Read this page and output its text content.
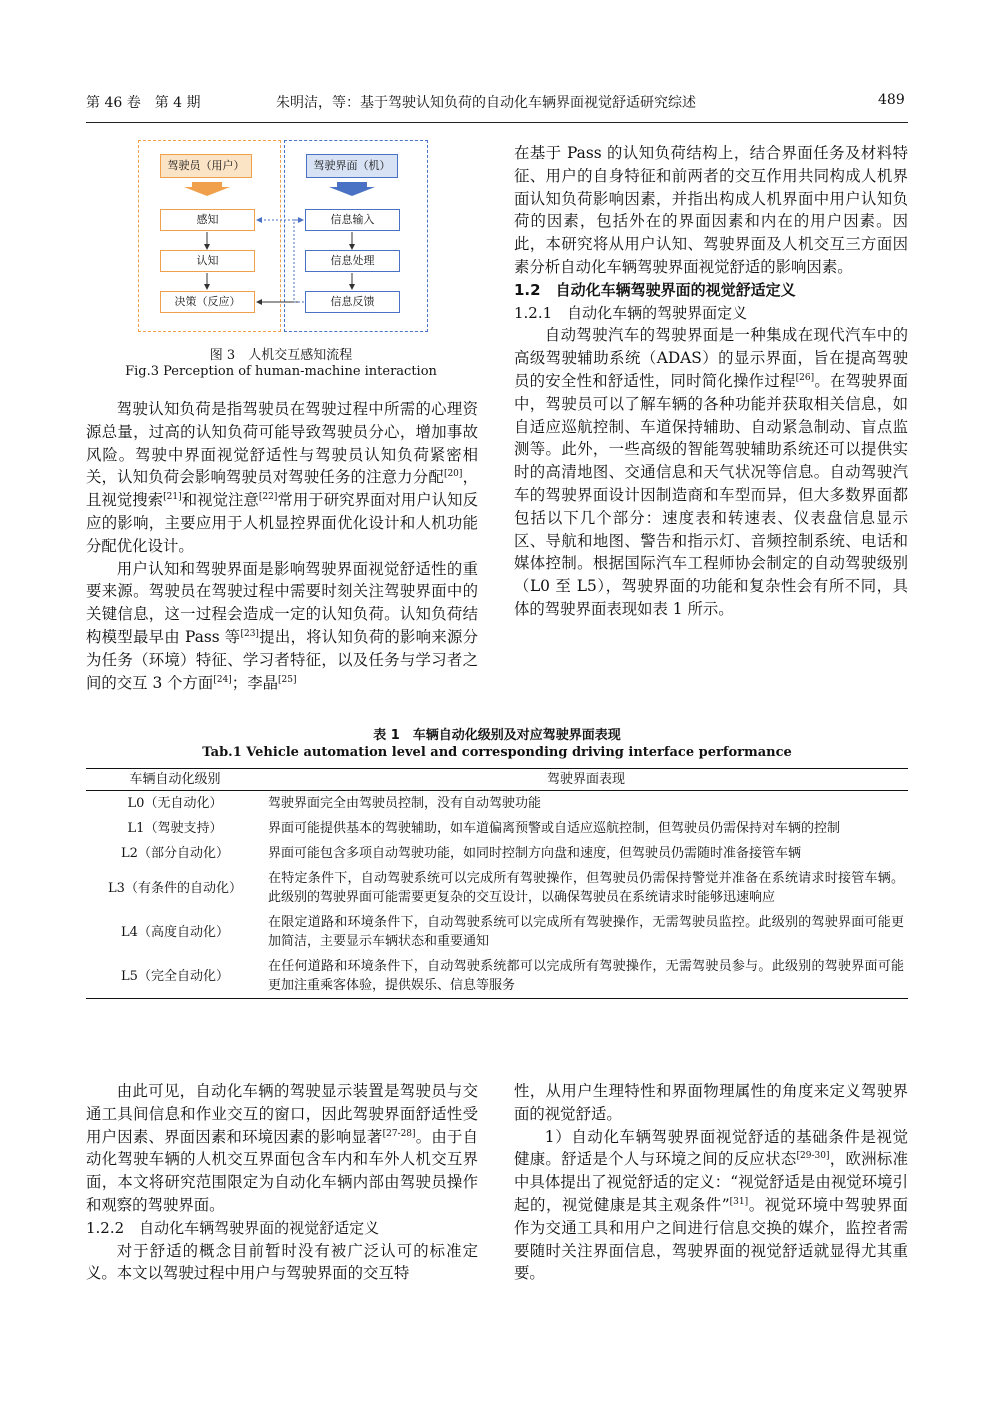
第 46 卷　第 4 期	朱明洁，等：基于驾驶认知负荷的自动化车辆界面视觉舒适研究综述	489
驾驶员（用户）	驾驶界面（机）
感知
认知
决策（反应）
信息输入
信息处理
信息反馈
图 3　人机交互感知流程
Fig.3 Perception of human-machine interaction

驾驶认知负荷是指驾驶员在驾驶过程中所需的心理资源总量，过高的认知负荷可能导致驾驶员分心，增加事故风险。驾驶中界面视觉舒适性与驾驶员认知负荷紧密相关，认知负荷会影响驾驶员对驾驶任务的注意力分配[20]，且视觉搜索[21]和视觉注意[22]常用于研究界面对用户认知反应的影响，主要应用于人机显控界面优化设计和人机功能分配优化设计。

用户认知和驾驶界面是影响驾驶界面视觉舒适性的重要来源。驾驶员在驾驶过程中需要时刻关注驾驶界面中的关键信息，这一过程会造成一定的认知负荷。认知负荷结构模型最早由 Pass 等[23]提出，将认知负荷的影响来源分为任务（环境）特征、学习者特征，以及任务与学习者之间的交互 3 个方面[24]；李晶[25]

在基于 Pass 的认知负荷结构上，结合界面任务及材料特征、用户的自身特征和前两者的交互作用共同构成人机界面认知负荷影响因素，并指出构成人机界面中用户认知负荷的因素，包括外在的界面因素和内在的用户因素。因此，本研究将从用户认知、驾驶界面及人机交互三方面因素分析自动化车辆驾驶界面视觉舒适的影响因素。

1.2　自动化车辆驾驶界面的视觉舒适定义

1.2.1　自动化车辆的驾驶界面定义

自动驾驶汽车的驾驶界面是一种集成在现代汽车中的高级驾驶辅助系统（ADAS）的显示界面，旨在提高驾驶员的安全性和舒适性，同时简化操作过程[26]。在驾驶界面中，驾驶员可以了解车辆的各种功能并获取相关信息，如自适应巡航控制、车道保持辅助、自动紧急制动、盲点监测等。此外，一些高级的智能驾驶辅助系统还可以提供实时的高清地图、交通信息和天气状况等信息。自动驾驶汽车的驾驶界面设计因制造商和车型而异，但大多数界面都包括以下几个部分：速度表和转速表、仪表盘信息显示区、导航和地图、警告和指示灯、音频控制系统、电话和媒体控制。根据国际汽车工程师协会制定的自动驾驶级别（L0 至 L5），驾驶界面的功能和复杂性会有所不同，具体的驾驶界面表现如表 1 所示。

表 1　车辆自动化级别及对应驾驶界面表现
Tab.1 Vehicle automation level and corresponding driving interface performance
车辆自动化级别	驾驶界面表现
L0（无自动化）	驾驶界面完全由驾驶员控制，没有自动驾驶功能
L1（驾驶支持）	界面可能提供基本的驾驶辅助，如车道偏离预警或自适应巡航控制，但驾驶员仍需保持对车辆的控制
L2（部分自动化）	界面可能包含多项自动驾驶功能，如同时控制方向盘和速度，但驾驶员仍需随时准备接管车辆
L3（有条件的自动化）	在特定条件下，自动驾驶系统可以完成所有驾驶操作，但驾驶员仍需保持警觉并准备在系统请求时接管车辆。此级别的驾驶界面可能需要更复杂的交互设计，以确保驾驶员在系统请求时能够迅速响应
L4（高度自动化）	在限定道路和环境条件下，自动驾驶系统可以完成所有驾驶操作，无需驾驶员监控。此级别的驾驶界面可能更加简洁，主要显示车辆状态和重要通知
L5（完全自动化）	在任何道路和环境条件下，自动驾驶系统都可以完成所有驾驶操作，无需驾驶员参与。此级别的驾驶界面可能更加注重乘客体验，提供娱乐、信息等服务

由此可见，自动化车辆的驾驶显示装置是驾驶员与交通工具间信息和作业交互的窗口，因此驾驶界面舒适性受用户因素、界面因素和环境因素的影响显著[27-28]。由于自动化驾驶车辆的人机交互界面包含车内和车外人机交互界面，本文将研究范围限定为自动化车辆内部由驾驶员操作和观察的驾驶界面。

1.2.2　自动化车辆驾驶界面的视觉舒适定义

对于舒适的概念目前暂时没有被广泛认可的标准定义。本文以驾驶过程中用户与驾驶界面的交互特

性，从用户生理特性和界面物理属性的角度来定义驾驶界面的视觉舒适。

1）自动化车辆驾驶界面视觉舒适的基础条件是视觉健康。舒适是个人与环境之间的反应状态[29-30]，欧洲标准中具体提出了视觉舒适的定义：“视觉舒适是由视觉环境引起的，视觉健康是其主观条件”[31]。视觉环境中驾驶界面作为交通工具和用户之间进行信息交换的媒介，监控者需要随时关注界面信息，驾驶界面的视觉舒适就显得尤其重要。
